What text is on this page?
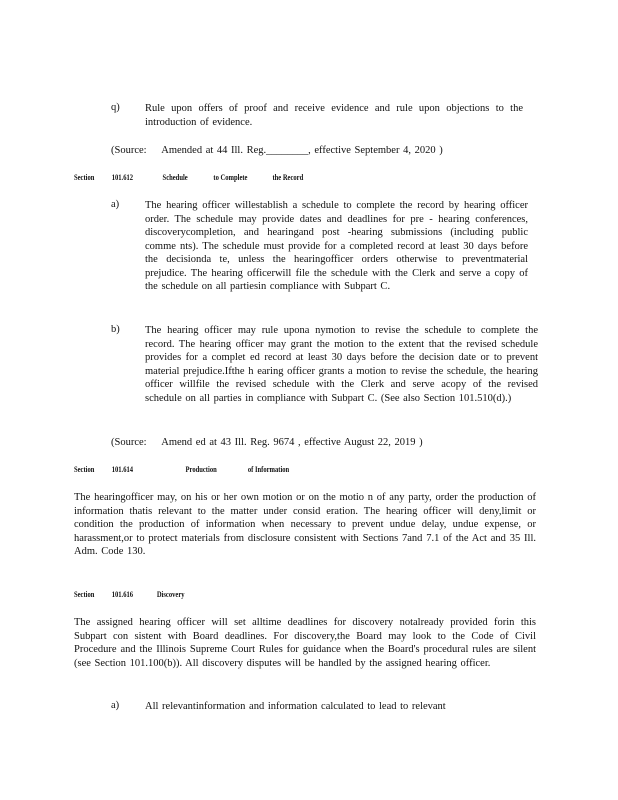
q) Rule upon offers of proof and receive evidence and rule upon objections to the introduction of evidence.
(Source: Amended at 44 Ill. Reg.________, effective September 4, 2020 )
Section 101.612	Schedule	to Complete	the Record
a) The hearing officer willestablish a schedule to complete the record by hearing officer order. The schedule may provide dates and deadlines for pre - hearing conferences, discoverycompletion, and hearingand post -hearing submissions (including public comme nts). The schedule must provide for a completed record at least 30 days before the decisionda te, unless the hearingofficer orders otherwise to preventmaterial prejudice. The hearing officerwill file the schedule with the Clerk and serve a copy of the schedule on all partiesin compliance with Subpart C.
b) The hearing officer may rule upona nymotion to revise the schedule to complete the record. The hearing officer may grant the motion to the extent that the revised schedule provides for a complet ed record at least 30 days before the decision date or to prevent material prejudice.Ifthe h earing officer grants a motion to revise the schedule, the hearing officer willfile the revised schedule with the Clerk and serve acopy of the revised schedule on all parties in compliance with Subpart C. (See also Section 101.510(d).)
(Source: Amend ed at 43 Ill. Reg. 9674 , effective August 22, 2019 )
Section 101.614	Production	of Information
The hearingofficer may, on his or her own motion or on the motio n of any party, order the production of information thatis relevant to the matter under consid eration. The hearing officer will deny,limit or condition the production of information when necessary to prevent undue delay, undue expense, or harassment,or to protect materials from disclosure consistent with Sections 7and 7.1 of the Act and 35 Ill. Adm. Code 130.
Section 101.616	Discovery
The assigned hearing officer will set alltime deadlines for discovery notalready provided forin this Subpart con sistent with Board deadlines. For discovery,the Board may look to the Code of Civil Procedure and the Illinois Supreme Court Rules for guidance when the Board's procedural rules are silent (see Section 101.100(b)). All discovery disputes will be handled by the assigned hearing officer.
a) All relevantinformation and information calculated to lead to relevant
